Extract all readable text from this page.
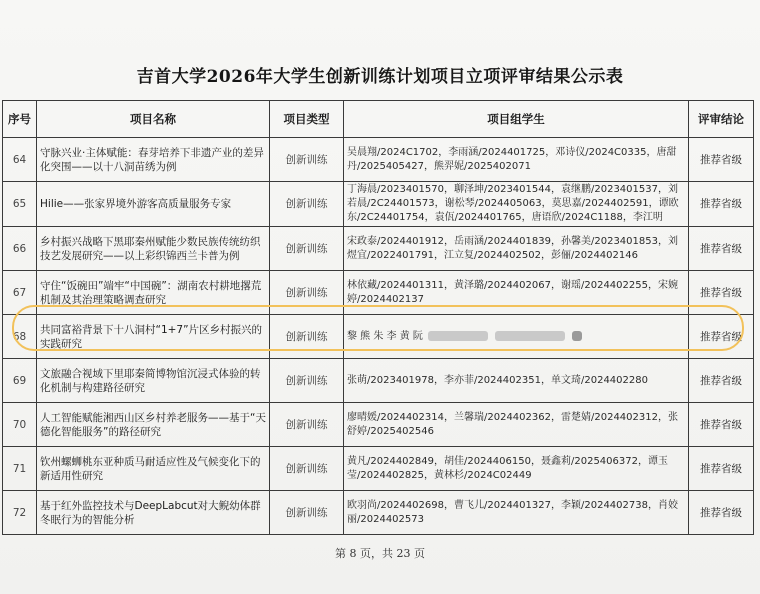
吉首大学2026年大学生创新训练计划项目立项评审结果公示表
序号	项目名称	项目类型	项目组学生	评审结论
64	守脉兴业·主体赋能：春芽培养下非遗产业的差异化突围——以十八洞苗绣为例	创新训练	吴晨翔/2024C1702，李雨涵/2024401725，邓诗仪/2024C0335，唐甜丹/2025405427，熊羿妮/2025402071	推荐省级
65	Hilie——张家界境外游客高质量服务专家	创新训练	丁海晨/2023401570，聊泽坤/2023401544，袁继鹏/2023401537，刘若晨/2C24401573，谢松琴/2024405063，莫思嘉/2024402591，谭欧东/2C24401754，袁佤/2024401765，唐语欣/2024C1188，李江明	推荐省级
66	乡村振兴战略下黑耶秦州赋能少数民族传统纺织技艺发展研究——以上彩织锦西兰卡普为例	创新训练	宋政泰/2024401912，岳雨涵/2024401839，孙馨美/2023401853，刘煜宜/2022401791，江立复/2024402502，彭俪/2024402146	推荐省级
67	守住“饭碗田”端牢“中国碗”：湖南农村耕地撂荒机制及其治理策略调查研究	创新训练	林依藏/2024401311，黄泽璐/2024402067，谢瑶/2024402255，宋婉婷/2024402137	推荐省级
68	共同富裕背景下十八洞村“1+7”片区乡村振兴的实践研究	创新训练	黎 熊 朱 李 黄 阮	推荐省级
69	文旅融合视域下里耶秦简博物馆沉浸式体验的转化机制与构建路径研究	创新训练	张萌/2023401978，李亦菲/2024402351，单文琦/2024402280	推荐省级
70	人工智能赋能湘西山区乡村养老服务——基于“天德化智能服务”的路径研究	创新训练	廖晴媛/2024402314，兰馨瑞/2024402362，雷楚婧/2024402312，张舒婷/2025402546	推荐省级
71	钦州螺蛳桃东亚种质马耐适应性及气候变化下的新适用性研究	创新训练	黄凡/2024402849，胡佳/2024406150，聂鑫莉/2025406372，谭玉莹/2024402825，黄林杉/2024C02449	推荐省级
72	基于红外监控技术与DeepLabcut对大鲵幼体群冬眠行为的智能分析	创新训练	欧羽尚/2024402698，曹飞儿/2024401327，李颖/2024402738，肖姣丽/2024402573	推荐省级
第 8 页，共 23 页
